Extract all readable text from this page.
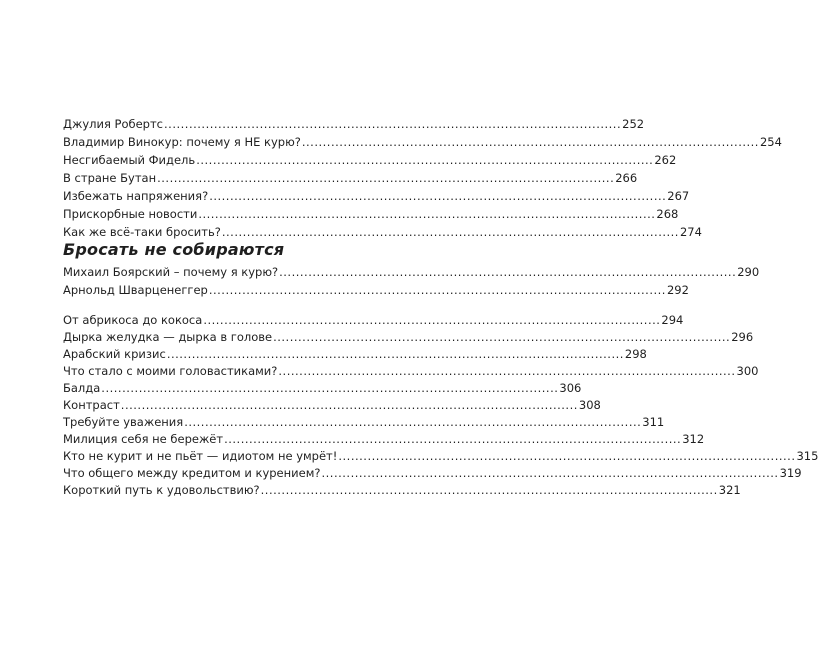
Джулия Робертс .............................................................................................................. 252
Владимир Винокур: почему я НЕ курю? .............................................................................................................. 254
Несгибаемый Фидель .............................................................................................................. 262
В стране Бутан .............................................................................................................. 266
Избежать напряжения? .............................................................................................................. 267
Прискорбные новости .............................................................................................................. 268
Как же всё-таки бросить? .............................................................................................................. 274
Бросать не собираются
Михаил Боярский – почему я курю? .............................................................................................................. 290
Арнольд Шварценеггер .............................................................................................................. 292
От абрикоса до кокоса .............................................................................................................. 294
Дырка желудка — дырка в голове .............................................................................................................. 296
Арабский кризис .............................................................................................................. 298
Что стало с моими головастиками? .............................................................................................................. 300
Балда .............................................................................................................. 306
Контраст .............................................................................................................. 308
Требуйте уважения .............................................................................................................. 311
Милиция себя не бережёт .............................................................................................................. 312
Кто не курит и не пьёт — идиотом не умрёт! .............................................................................................................. 315
Что общего между кредитом и курением? .............................................................................................................. 319
Короткий путь к удовольствию? .............................................................................................................. 321
